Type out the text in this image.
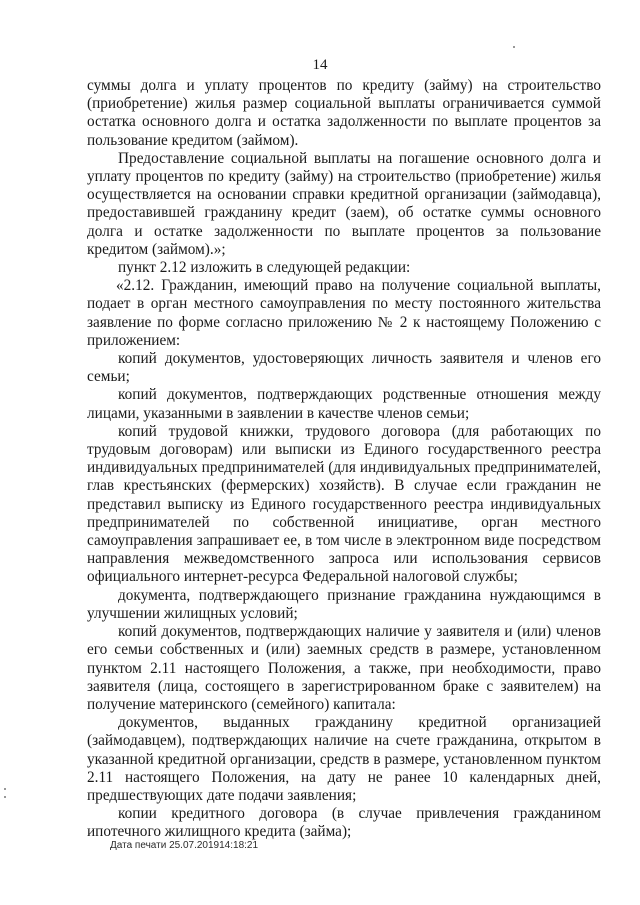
14

суммы долга и уплату процентов по кредиту (займу) на строительство (приобретение) жилья размер социальной выплаты ограничивается суммой остатка основного долга и остатка задолженности по выплате процентов за пользование кредитом (займом).

Предоставление социальной выплаты на погашение основного долга и уплату процентов по кредиту (займу) на строительство (приобретение) жилья осуществляется на основании справки кредитной организации (займодавца), предоставившей гражданину кредит (заем), об остатке суммы основного долга и остатке задолженности по выплате процентов за пользование кредитом (займом).»;

пункт 2.12 изложить в следующей редакции:

«2.12. Гражданин, имеющий право на получение социальной выплаты, подает в орган местного самоуправления по месту постоянного жительства заявление по форме согласно приложению № 2 к настоящему Положению с приложением:

копий документов, удостоверяющих личность заявителя и членов его семьи;

копий документов, подтверждающих родственные отношения между лицами, указанными в заявлении в качестве членов семьи;

копий трудовой книжки, трудового договора (для работающих по трудовым договорам) или выписки из Единого государственного реестра индивидуальных предпринимателей (для индивидуальных предпринимателей, глав крестьянских (фермерских) хозяйств). В случае если гражданин не представил выписку из Единого государственного реестра индивидуальных предпринимателей по собственной инициативе, орган местного самоуправления запрашивает ее, в том числе в электронном виде посредством направления межведомственного запроса или использования сервисов официального интернет-ресурса Федеральной налоговой службы;

документа, подтверждающего признание гражданина нуждающимся в улучшении жилищных условий;

копий документов, подтверждающих наличие у заявителя и (или) членов его семьи собственных и (или) заемных средств в размере, установленном пунктом 2.11 настоящего Положения, а также, при необходимости, право заявителя (лица, состоящего в зарегистрированном браке с заявителем) на получение материнского (семейного) капитала:

документов, выданных гражданину кредитной организацией (займодавцем), подтверждающих наличие на счете гражданина, открытом в указанной кредитной организации, средств в размере, установленном пунктом 2.11 настоящего Положения, на дату не ранее 10 календарных дней, предшествующих дате подачи заявления;

копии кредитного договора (в случае привлечения гражданином ипотечного жилищного кредита (займа);

Дата печати 25.07.201914:18:21
